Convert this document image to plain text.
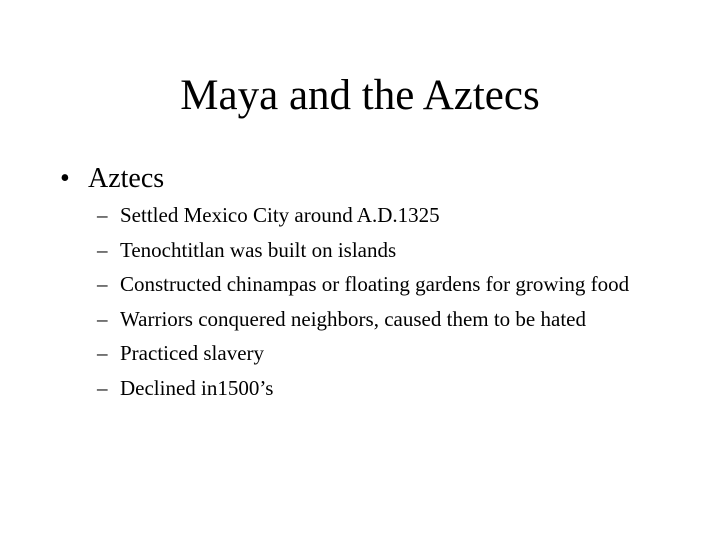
Maya and the Aztecs
• Aztecs
– Settled Mexico City around A.D.1325
– Tenochtitlan was built on islands
– Constructed chinampas or floating gardens for growing food
– Warriors conquered neighbors, caused them to be hated
– Practiced slavery
– Declined in1500’s
